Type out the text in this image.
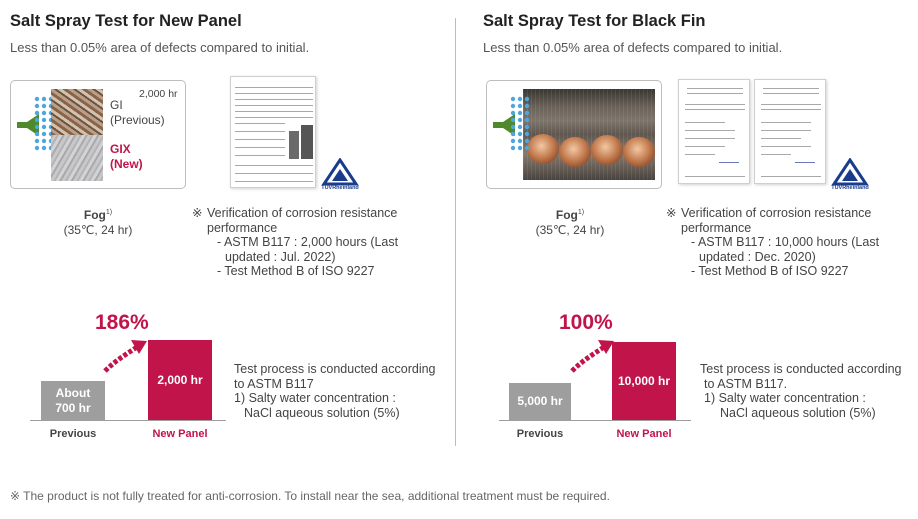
Salt Spray Test for New Panel
Less than 0.05% area of defects compared to initial.
2,000 hr
GI
(Previous)
GIX
(New)
TÜVRheinland
Fog$^{1)}$
(35℃, 24 hr)
※ Verification of corrosion resistance performance
- ASTM B117 : 2,000 hours (Last updated : Jul. 2022)
- Test Method B of ISO 9227
186%
About
700 hr
2,000 hr
Previous	New Panel
Test process is conducted according
to ASTM B117
1) Salty water concentration :
NaCl aqueous solution (5%)
Salt Spray Test for Black Fin
Less than 0.05% area of defects compared to initial.
TÜVRheinland
Fog$^{1)}$
(35℃, 24 hr)
※ Verification of corrosion resistance performance
- ASTM B117 : 10,000 hours (Last updated : Dec. 2020)
- Test Method B of ISO 9227
100%
5,000 hr
10,000 hr
Previous	New Panel
Test process is conducted according
to ASTM B117.
1) Salty water concentration :
NaCl aqueous solution (5%)
※ The product is not fully treated for anti-corrosion. To install near the sea, additional treatment must be required.
